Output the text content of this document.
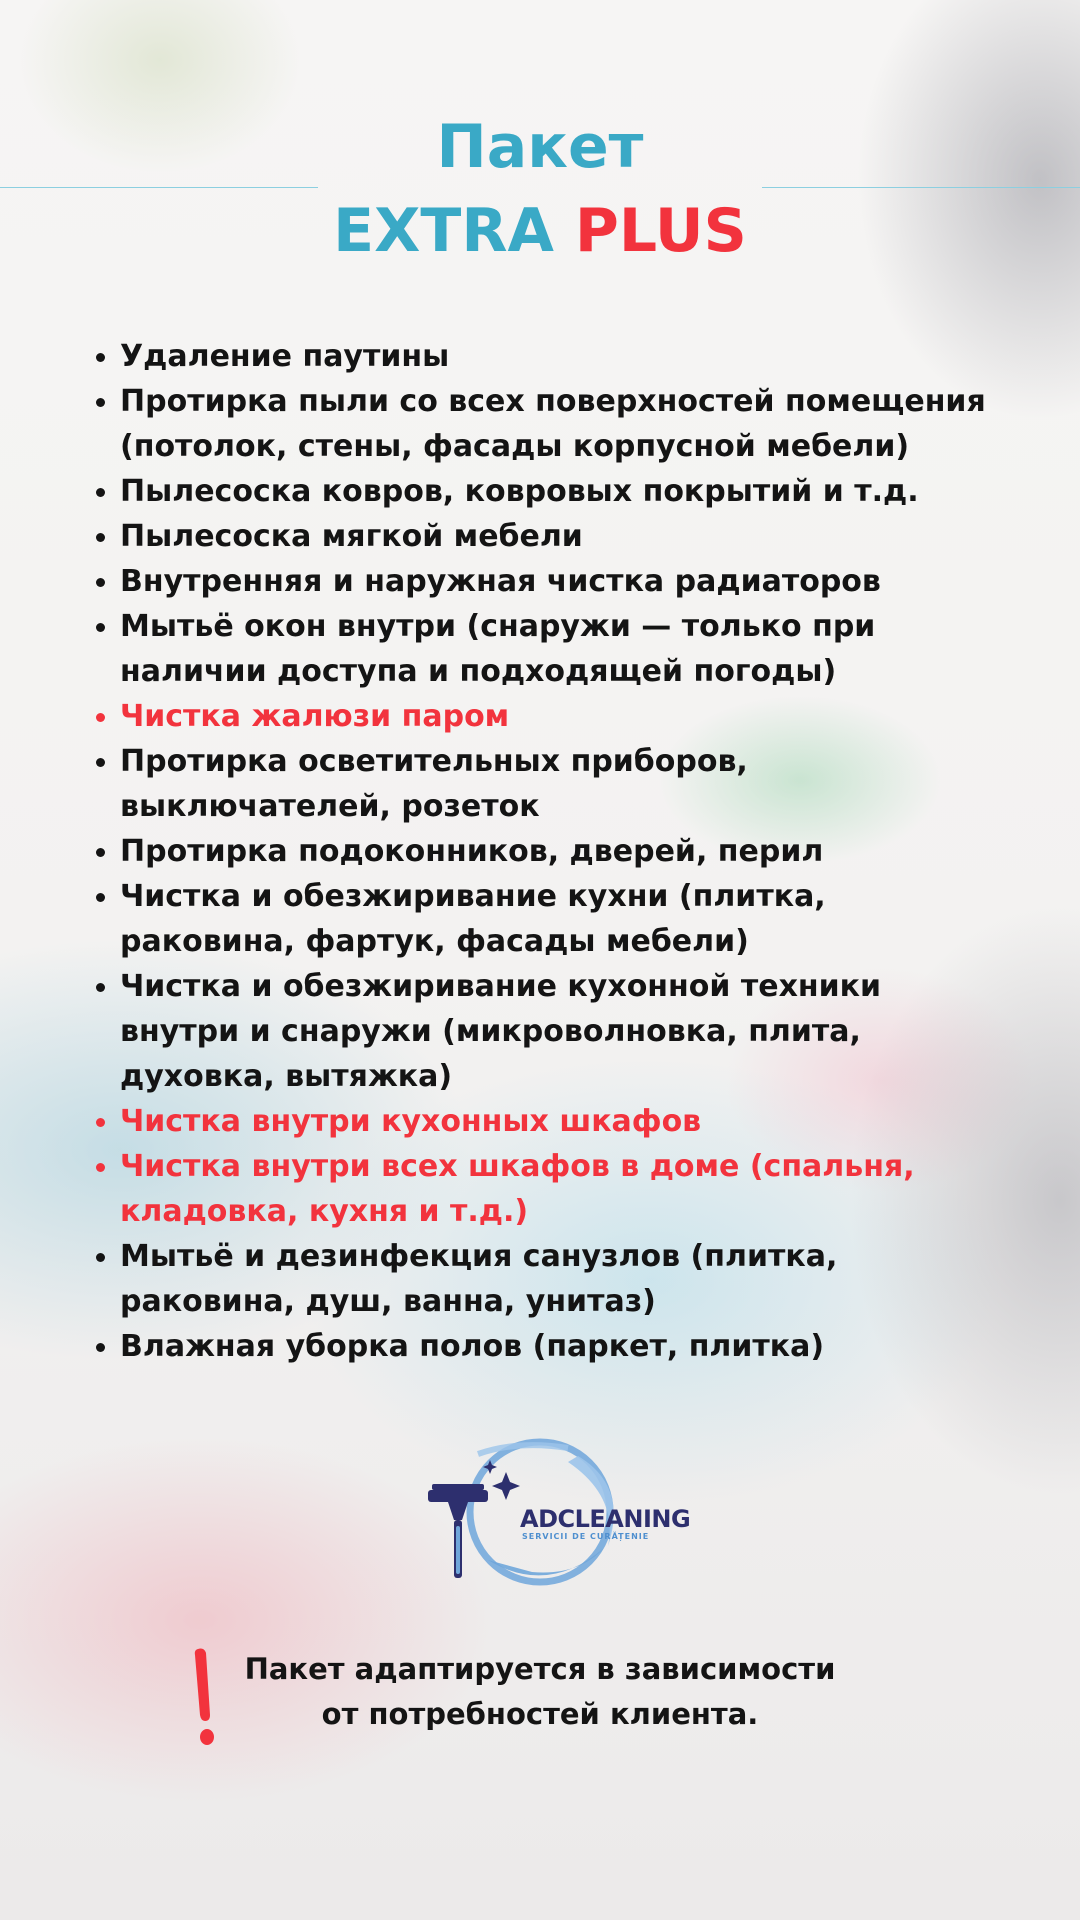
Пакет
EXTRA PLUS
Удаление паутины
Протирка пыли со всех поверхностей помещения
(потолок, стены, фасады корпусной мебели)
Пылесоска ковров, ковровых покрытий и т.д.
Пылесоска мягкой мебели
Внутренняя и наружная чистка радиаторов
Мытьё окон внутри (снаружи — только при
наличии доступа и подходящей погоды)
Чистка жалюзи паром
Протирка осветительных приборов,
выключателей, розеток
Протирка подоконников, дверей, перил
Чистка и обезжиривание кухни (плитка,
раковина, фартук, фасады мебели)
Чистка и обезжиривание кухонной техники
внутри и снаружи (микроволновка, плита,
духовка, вытяжка)
Чистка внутри кухонных шкафов
Чистка внутри всех шкафов в доме (спальня,
кладовка, кухня и т.д.)
Мытьё и дезинфекция санузлов (плитка,
раковина, душ, ванна, унитаз)
Влажная уборка полов (паркет, плитка)
ADCLEANING
SERVICII DE CURĂȚENIE
Пакет адаптируется в зависимости
от потребностей клиента.
